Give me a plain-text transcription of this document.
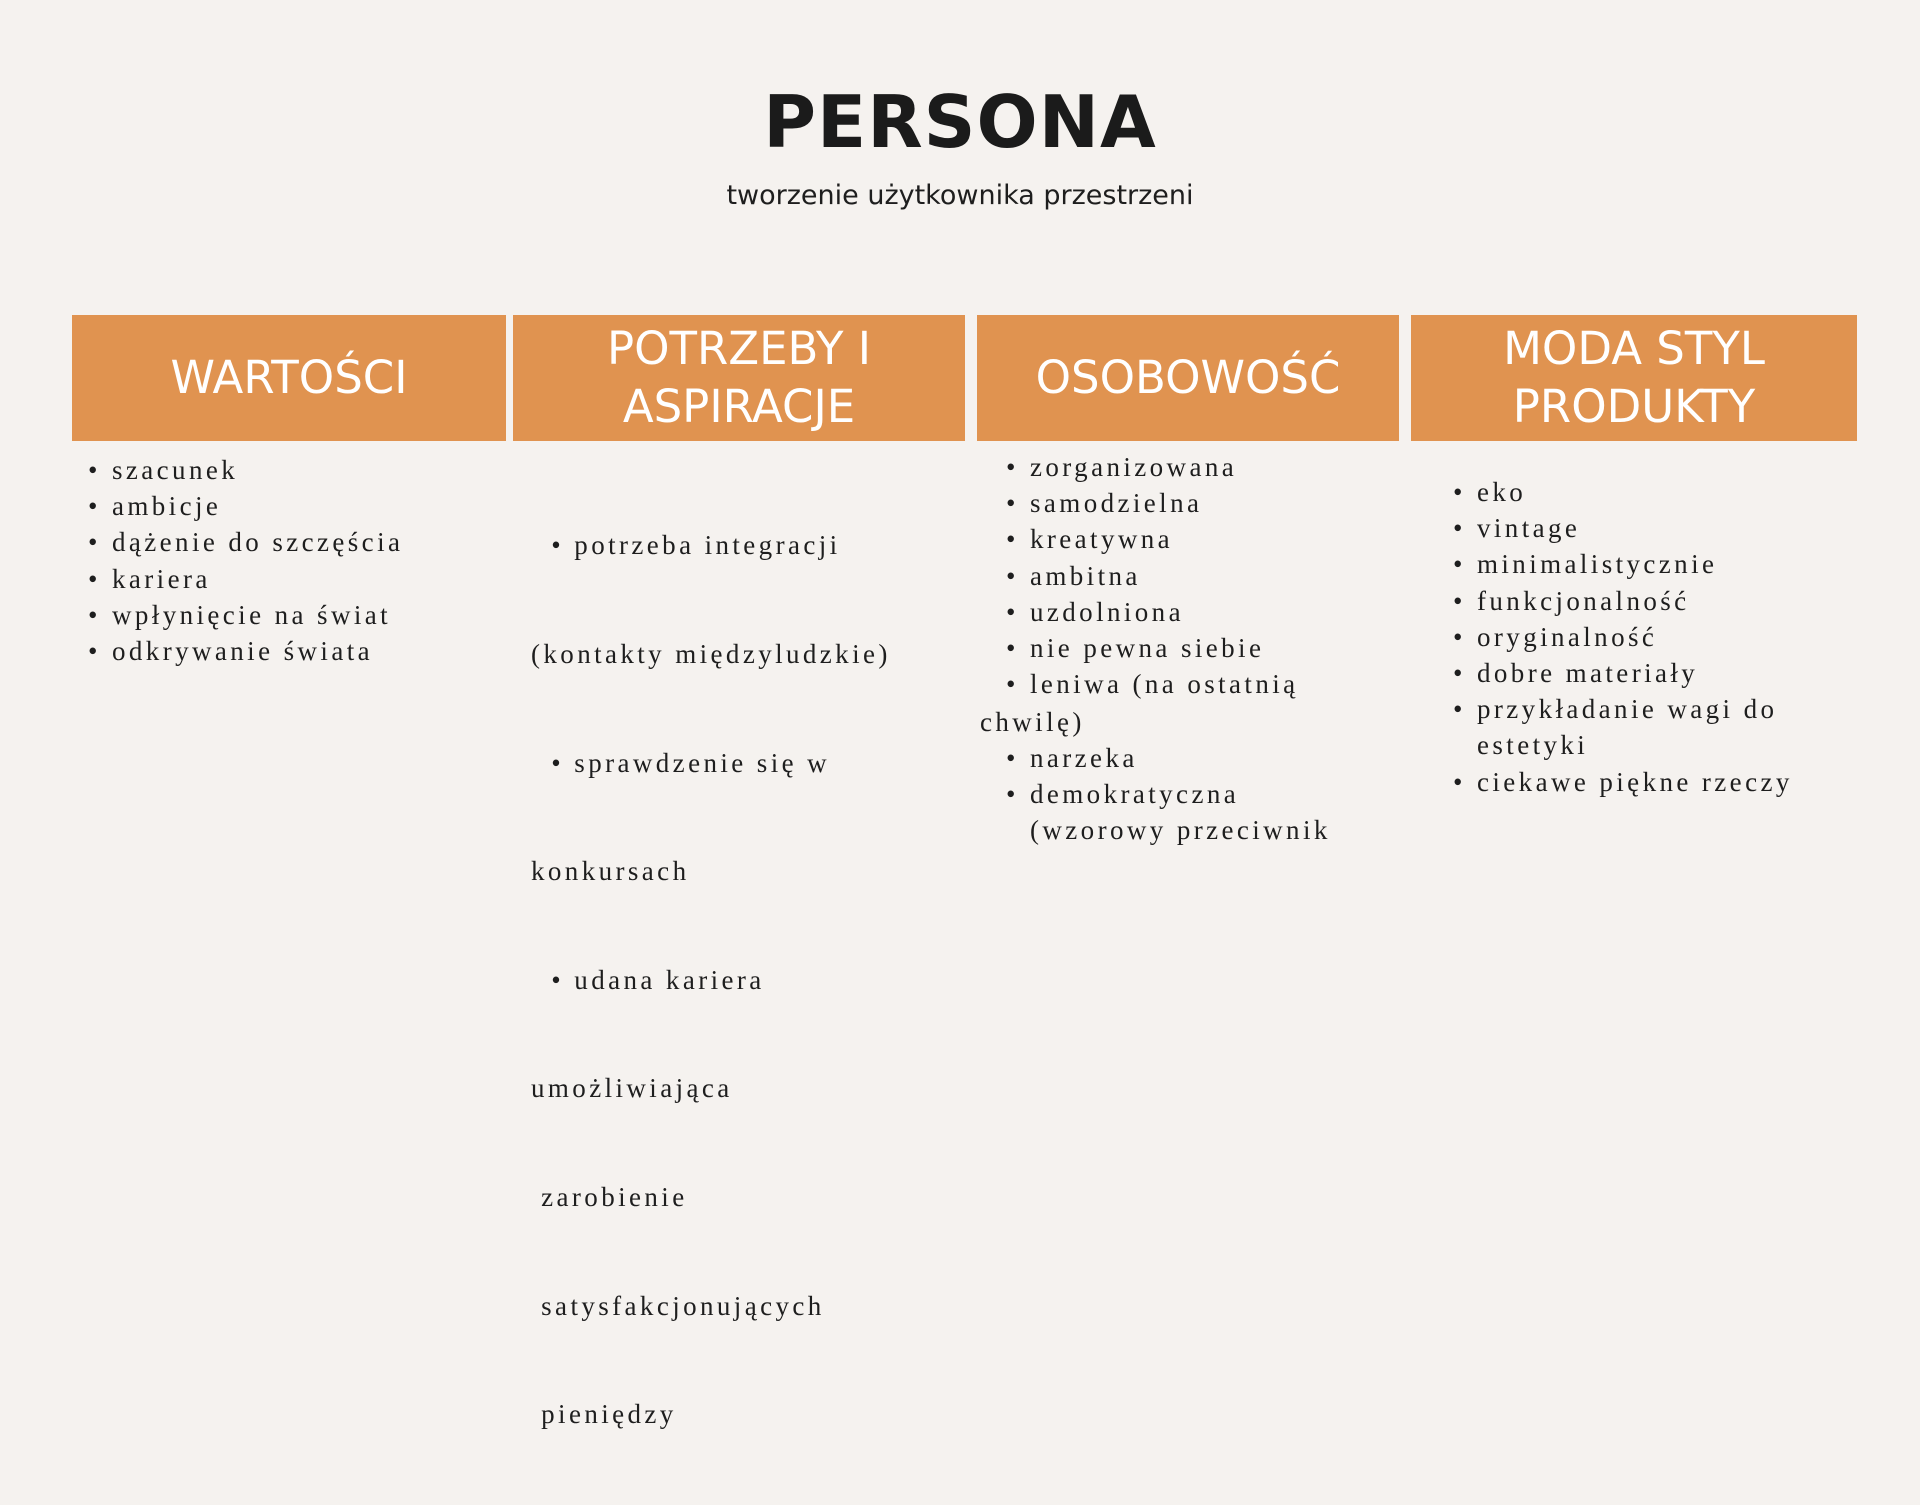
PERSONA
tworzenie użytkownika przestrzeni
WARTOŚCI
POTRZEBY I
ASPIRACJE
OSOBOWOŚĆ
MODA STYL
PRODUKTY
• szacunek
• ambicje
• dążenie do szczęścia
• kariera
• wpłynięcie na świat
• odkrywanie świata

• potrzeba integracji

(kontakty międzyludzkie)

• sprawdzenie się w

konkursach

• udana kariera

umożliwiająca

zarobienie

satysfakcjonujących

pieniędzy

• zorganizowana
• samodzielna
• kreatywna
• ambitna
• uzdolniona
• nie pewna siebie
• leniwa (na ostatnią
chwilę)
• narzeka
• demokratyczna
(wzorowy przeciwnik
• eko
• vintage
• minimalistycznie
• funkcjonalność
• oryginalność
• dobre materiały
• przykładanie wagi do
estetyki
• ciekawe piękne rzeczy
